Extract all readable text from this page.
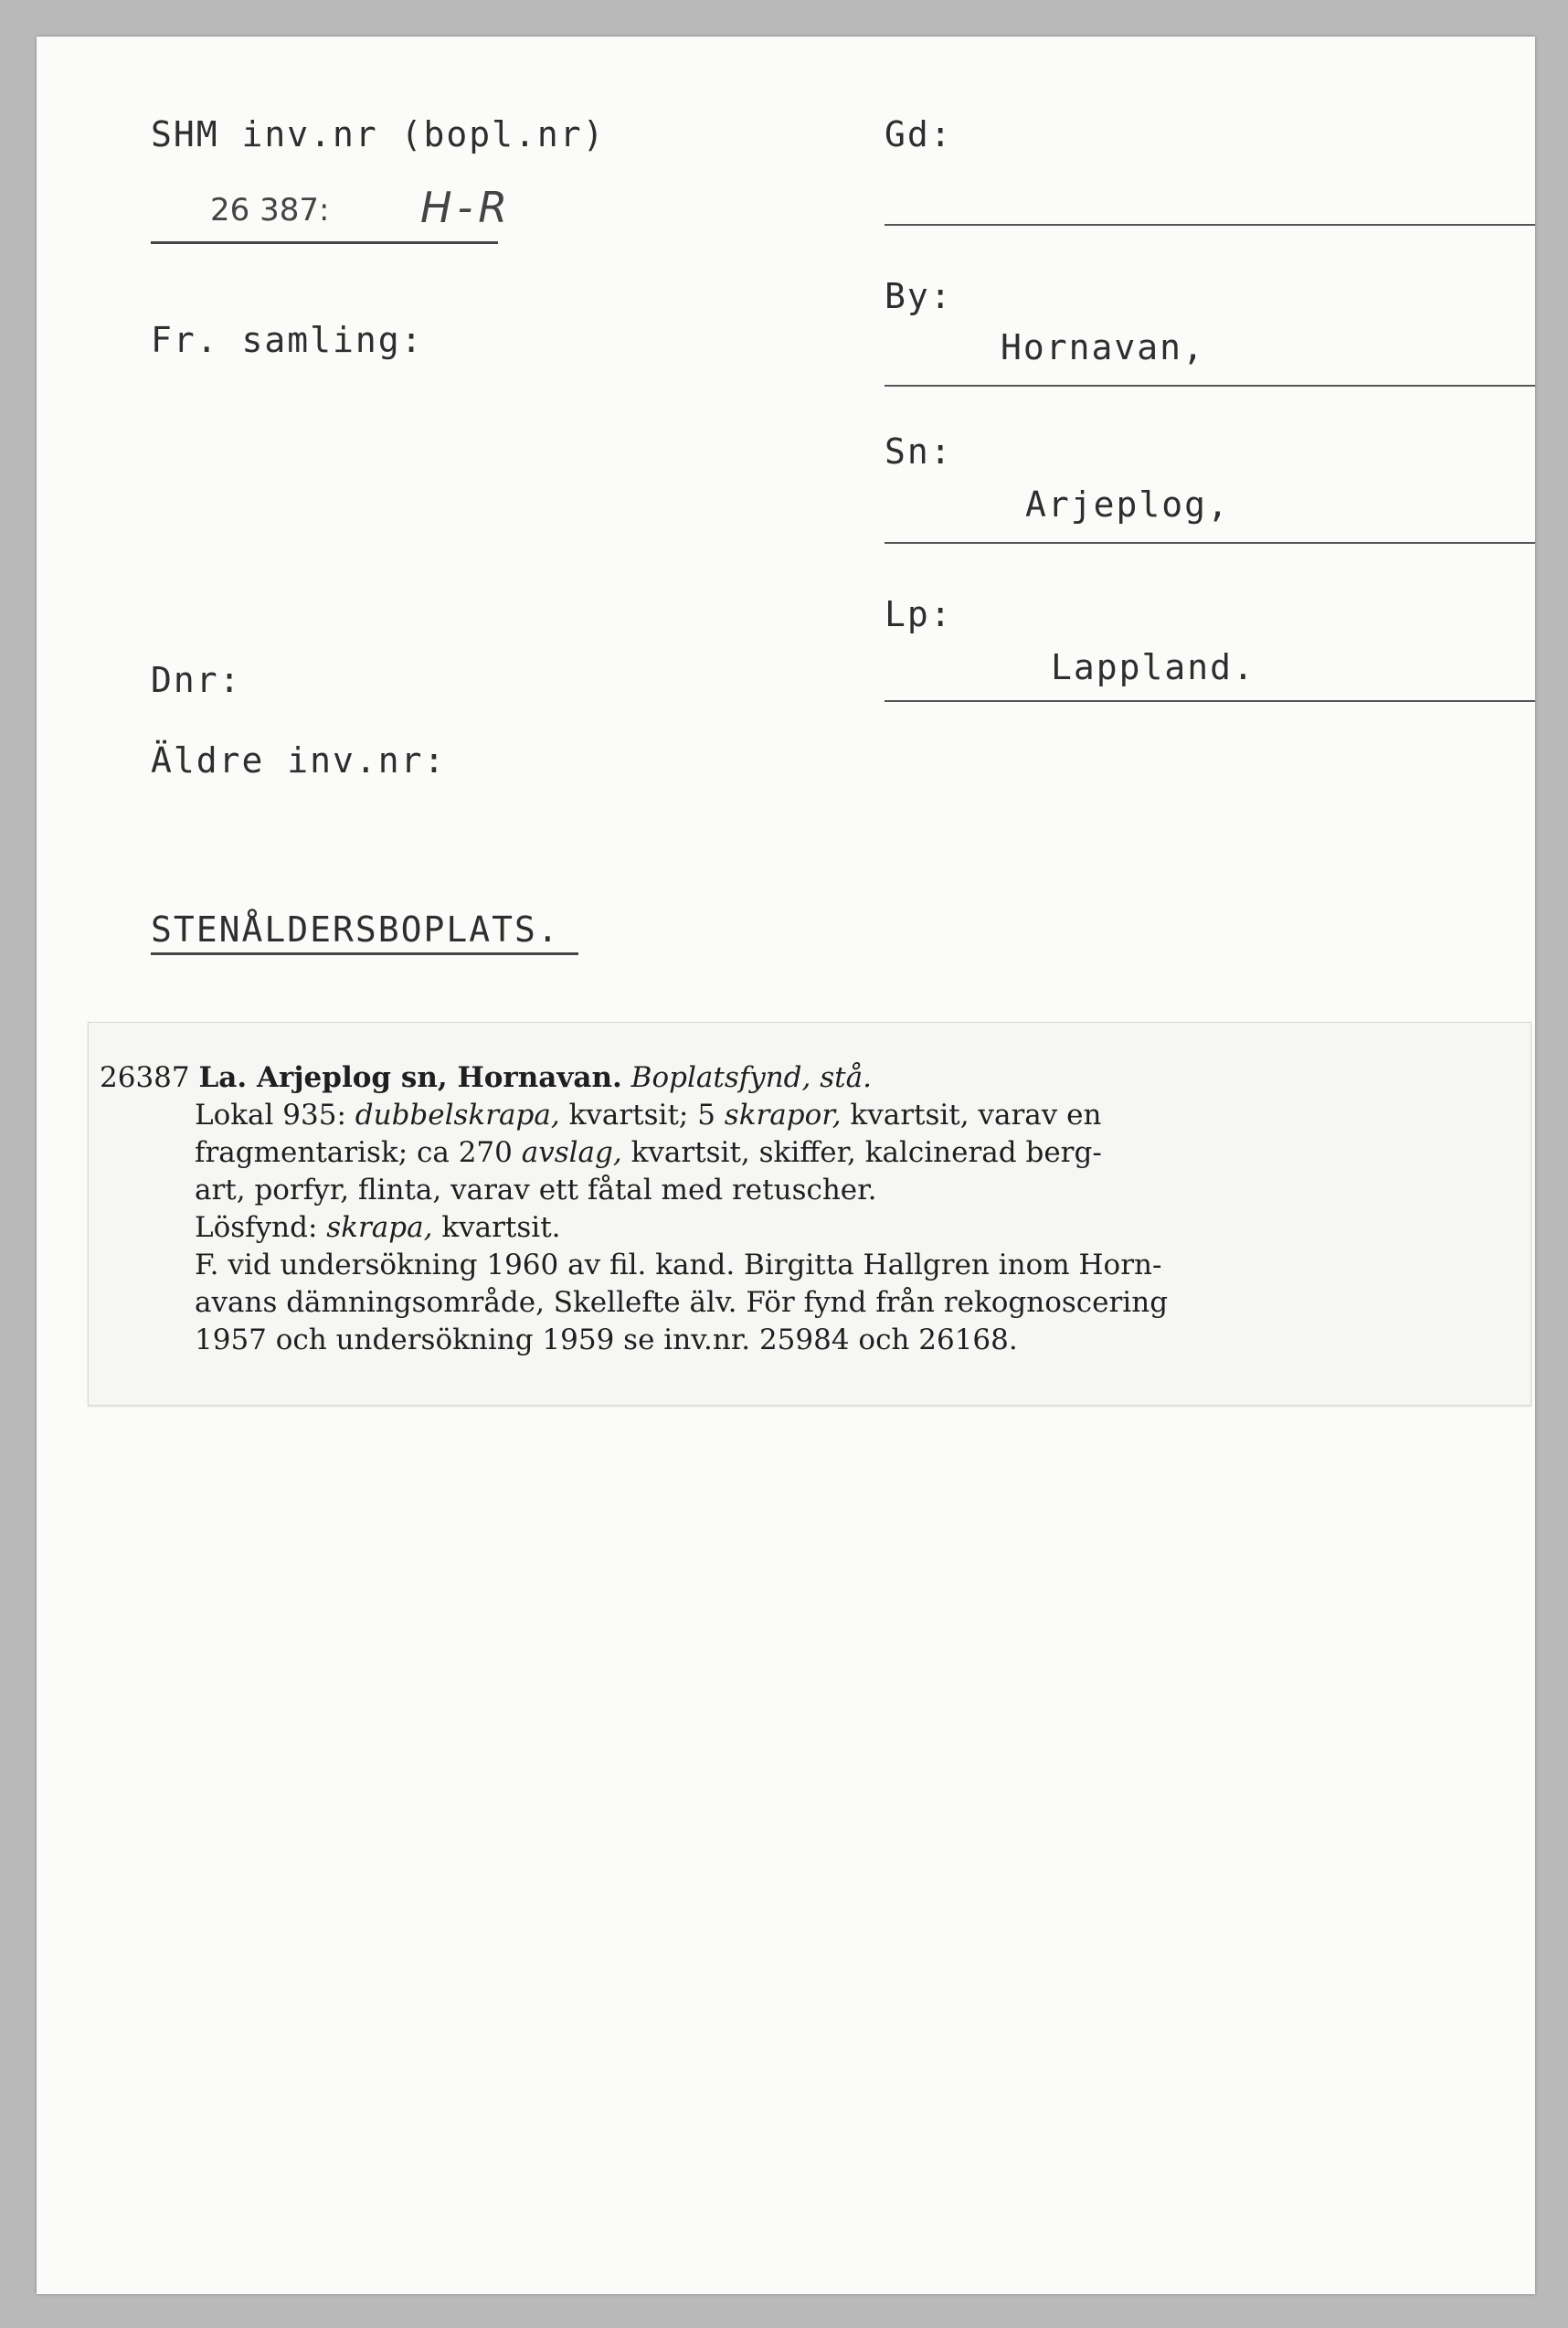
SHM inv.nr (bopl.nr)
26 387: H-R
Fr. samling:
Dnr:
Äldre inv.nr:
STENÅLDERSBOPLATS.
Gd:
By:
Hornavan,
Sn:
Arjeplog,
Lp:
Lappland.
26387 La. Arjeplog sn, Hornavan. Boplatsfynd, stå.
Lokal 935: dubbelskrapa, kvartsit; 5 skrapor, kvartsit, varav en
fragmentarisk; ca 270 avslag, kvartsit, skiffer, kalcinerad berg-
art, porfyr, flinta, varav ett fåtal med retuscher.
Lösfynd: skrapa, kvartsit.
F. vid undersökning 1960 av fil. kand. Birgitta Hallgren inom Horn-
avans dämningsområde, Skellefte älv. För fynd från rekognoscering
1957 och undersökning 1959 se inv.nr. 25984 och 26168.
